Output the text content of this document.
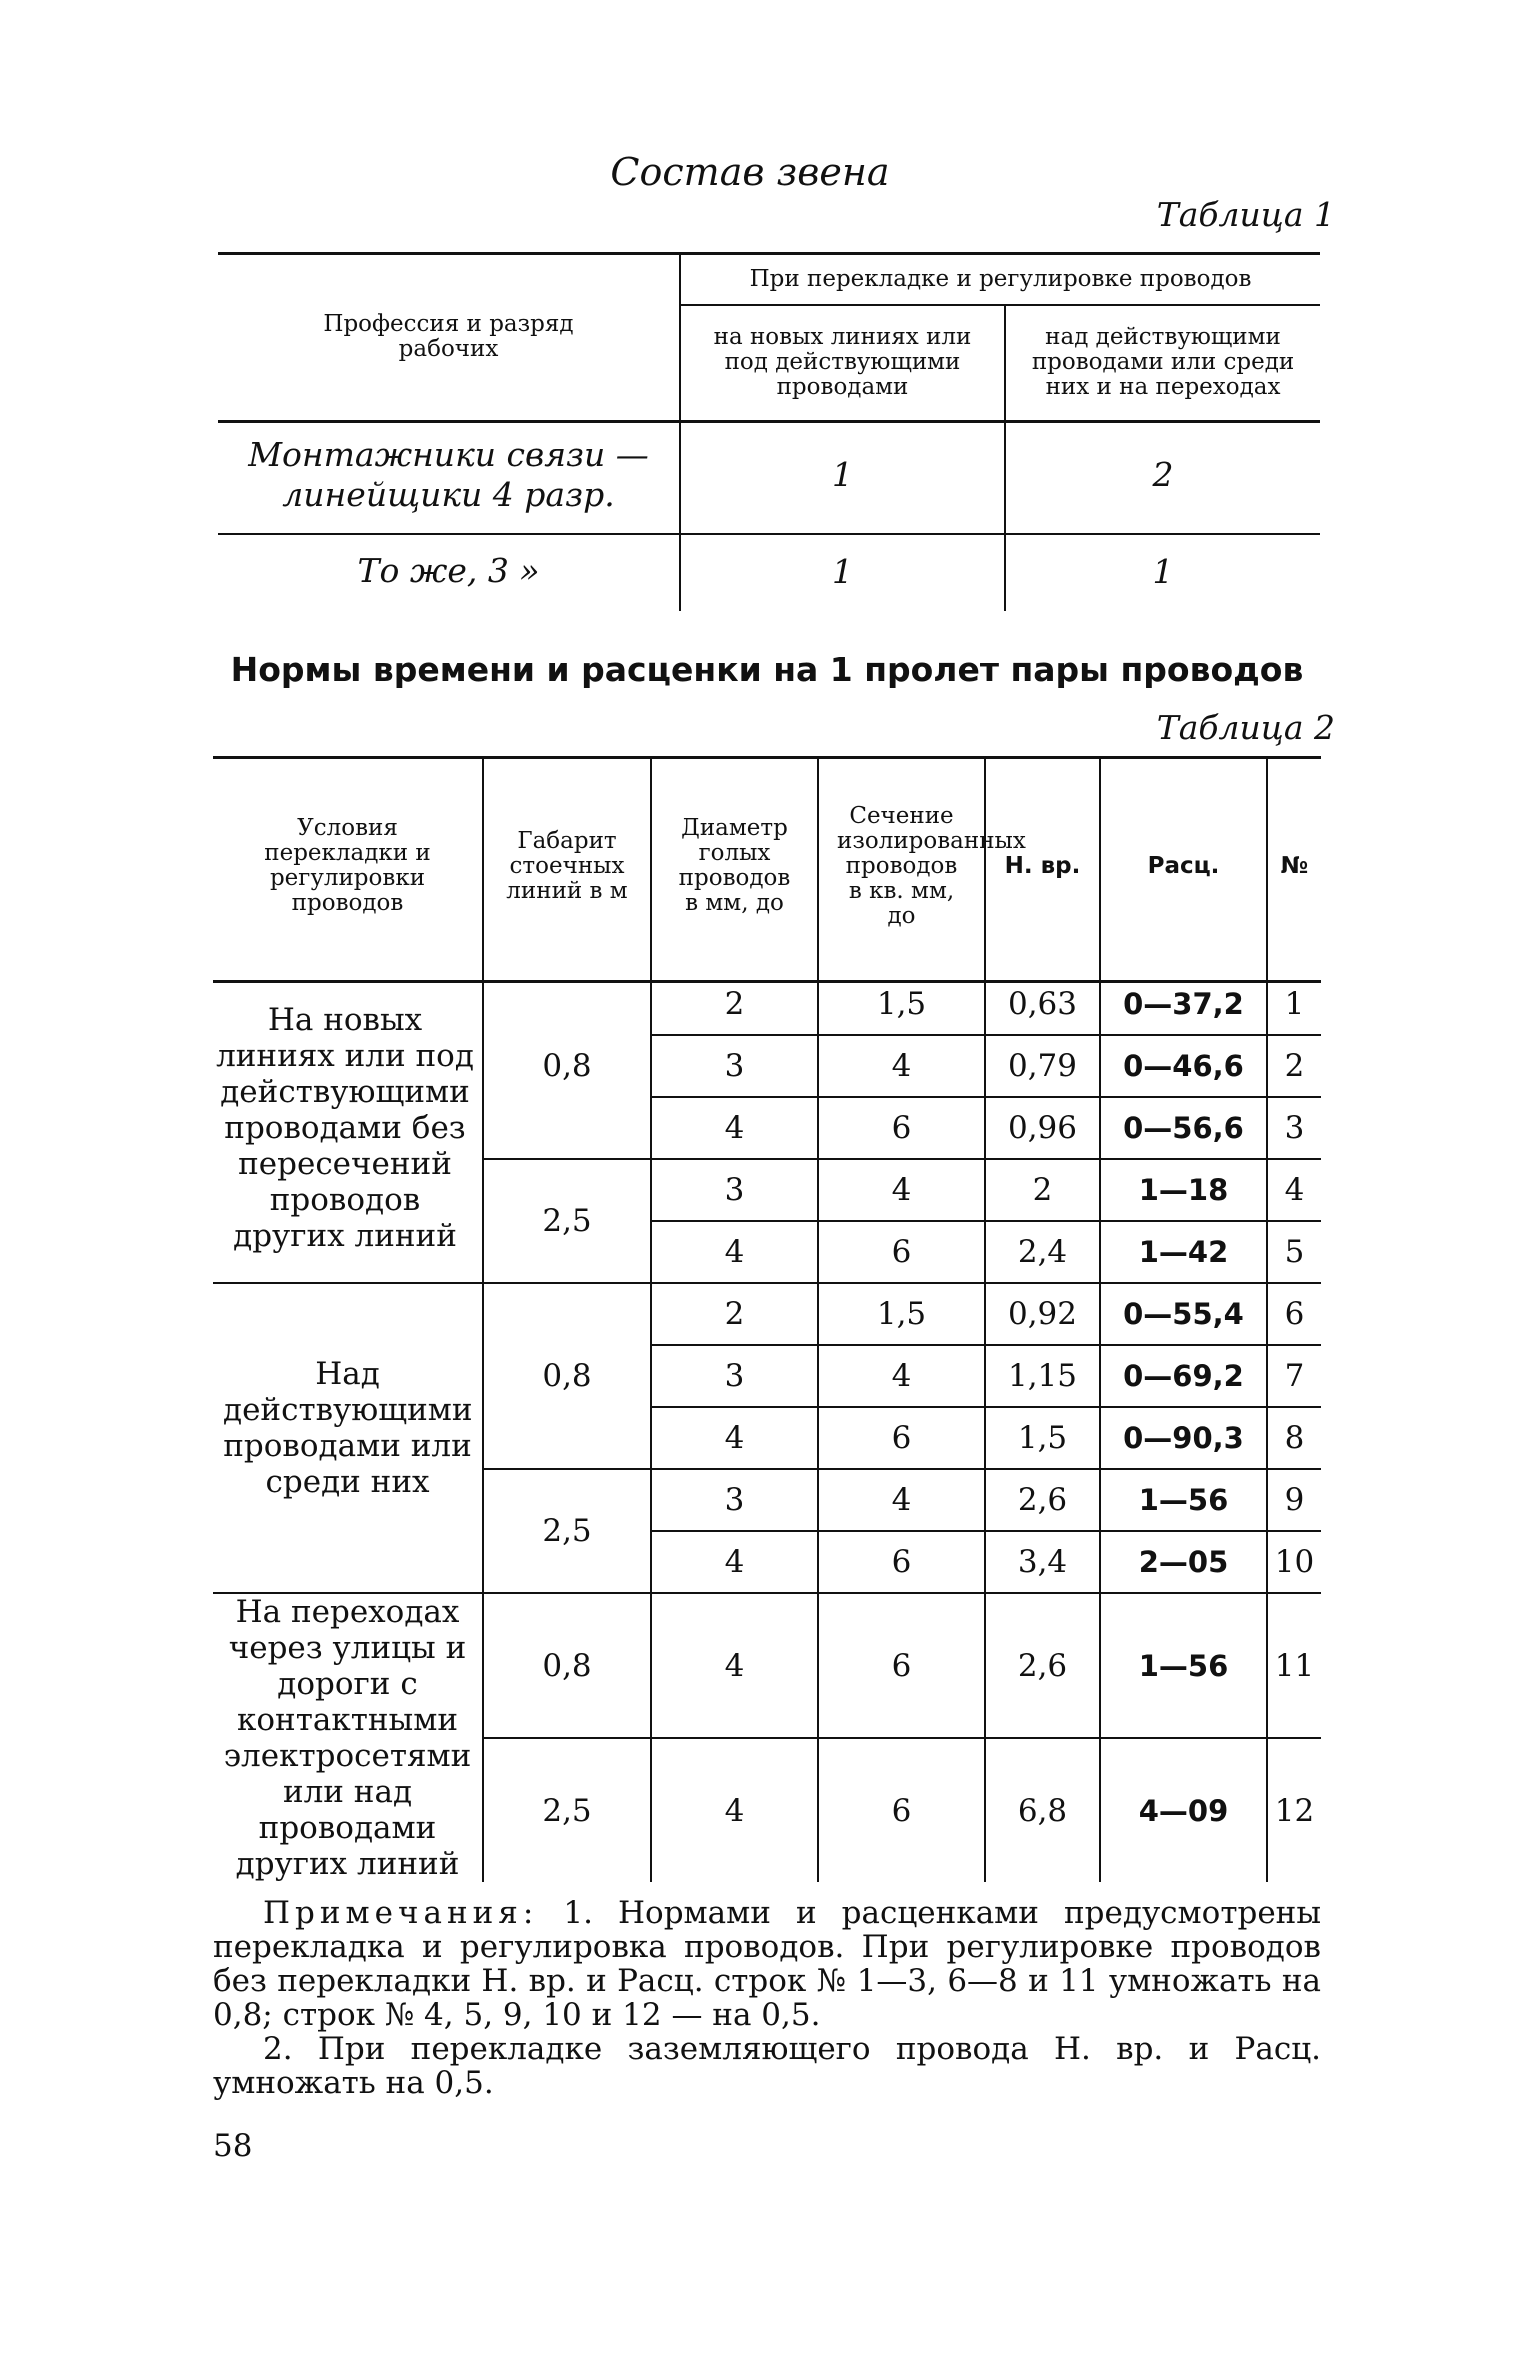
Состав звена
Таблица 1
Профессия и разряд рабочих	При перекладке и регулировке проводов	
	на новых линиях или под действующими проводами	над действующими проводами или среди них и на переходах
Монтажники связи — линейщики 4 разр.	1	2
То же, 3 »	1	1
Нормы времени и расценки на 1 пролет пары проводов
Таблица 2
Условия перекладки и регулировки проводов	Габарит стоечных линий в м	Диаметр голых проводов в мм, до	Сечение изолированных проводов в кв. мм, до	Н. вр.	Расц.	№
На новых линиях или под действующими проводами без пересечений проводов других линий	0,8	2	1,5	0,63	0—37,2	1
		3	4	0,79	0—46,6	2
		4	6	0,96	0—56,6	3
	2,5	3	4	2	1—18	4
		4	6	2,4	1—42	5
Над действующими проводами или среди них	0,8	2	1,5	0,92	0—55,4	6
		3	4	1,15	0—69,2	7
		4	6	1,5	0—90,3	8
	2,5	3	4	2,6	1—56	9
		4	6	3,4	2—05	10
На переходах через улицы и дороги с контактными электросетями или над проводами других линий	0,8	4	6	2,6	1—56	11
	2,5	4	6	6,8	4—09	12

Примечания: 1. Нормами и расценками предусмотрены перекладка и регулировка проводов. При регулировке проводов без перекладки Н. вр. и Расц. строк № 1—3, 6—8 и 11 умножать на 0,8; строк № 4, 5, 9, 10 и 12 — на 0,5.

2. При перекладке заземляющего провода Н. вр. и Расц. умножать на 0,5.

58
